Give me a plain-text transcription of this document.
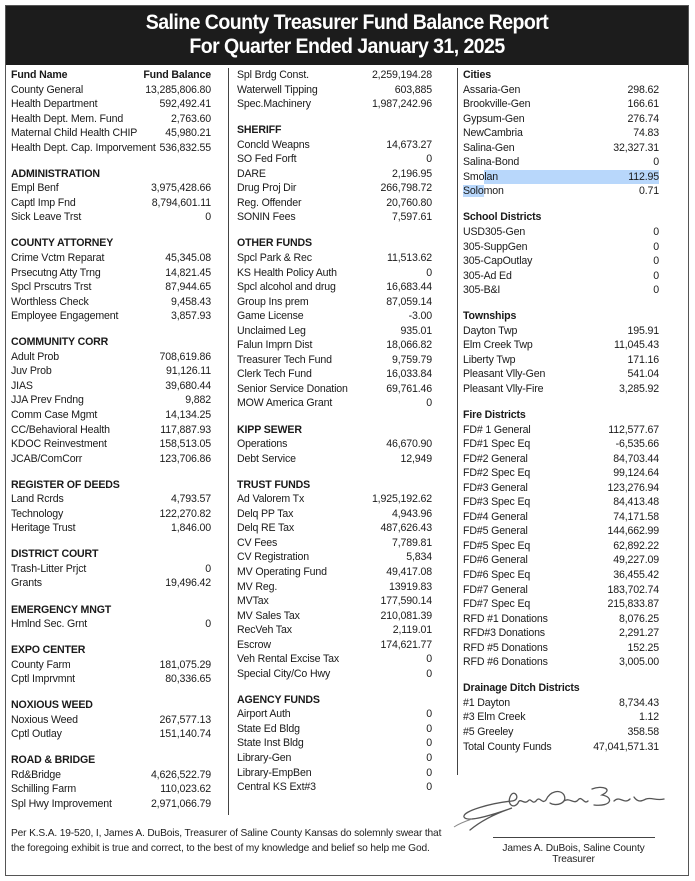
Saline County Treasurer Fund Balance Report
For Quarter Ended January 31, 2025
Fund Name	Fund Balance
County General	13,285,806.80
Health Department	592,492.41
Health Dept. Mem. Fund	2,763.60
Maternal Child Health CHIP	45,980.21
Health Dept. Cap. Imporvement 536,832.55
ADMINISTRATION
Empl Benf	3,975,428.66
Captl Imp Fnd	8,794,601.11
Sick Leave Trst	0
COUNTY ATTORNEY
Crime Vctm Reparat	45,345.08
Prsecutng Atty Trng	14,821.45
Spcl Prscutrs Trst	87,944.65
Worthless Check	9,458.43
Employee Engagement	3,857.93
COMMUNITY CORR
Adult Prob	708,619.86
Juv Prob	91,126.11
JIAS	39,680.44
JJA Prev Fndng	9,882
Comm Case Mgmt	14,134.25
CC/Behavioral Health	117,887.93
KDOC Reinvestment	158,513.05
JCAB/ComCorr	123,706.86
REGISTER OF DEEDS
Land Rcrds	4,793.57
Technology	122,270.82
Heritage Trust	1,846.00
DISTRICT COURT
Trash-Litter Prjct	0
Grants	19,496.42
EMERGENCY MNGT
Hmlnd Sec. Grnt	0
EXPO CENTER
County Farm	181,075.29
Cptl Imprvmnt	80,336.65
NOXIOUS WEED
Noxious Weed	267,577.13
Cptl Outlay	151,140.74
ROAD & BRIDGE
Rd&Bridge	4,626,522.79
Schilling Farm	110,023.62
Spl Hwy Improvement	2,971,066.79
Spl Brdg Const.	2,259,194.28
Waterwell Tipping	603,885
Spec.Machinery	1,987,242.96
SHERIFF
Concld Weapns	14,673.27
SO Fed Forft	0
DARE	2,196.95
Drug Proj Dir	266,798.72
Reg. Offender	20,760.80
SONIN Fees	7,597.61
OTHER FUNDS
Spcl Park & Rec	11,513.62
KS Health Policy Auth	0
Spcl alcohol and drug	16,683.44
Group Ins prem	87,059.14
Game License	-3.00
Unclaimed Leg	935.01
Falun Imprn Dist	18,066.82
Treasurer Tech Fund	9,759.79
Clerk Tech Fund	16,033.84
Senior Service Donation	69,761.46
MOW America Grant	0
KIPP SEWER
Operations	46,670.90
Debt Service	12,949
TRUST FUNDS
Ad Valorem Tx	1,925,192.62
Delq PP Tax	4,943.96
Delq RE Tax	487,626.43
CV Fees	7,789.81
CV Registration	5,834
MV Operating Fund	49,417.08
MV Reg.	13919.83
MVTax	177,590.14
MV Sales Tax	210,081.39
RecVeh Tax	2,119.01
Escrow	174,621.77
Veh Rental Excise Tax	0
Special City/Co Hwy	0
AGENCY FUNDS
Airport Auth	0
State Ed Bldg	0
State Inst Bldg	0
Library-Gen	0
Library-EmpBen	0
Central KS Ext#3	0
Cities
Assaria-Gen	298.62
Brookville-Gen	166.61
Gypsum-Gen	276.74
NewCambria	74.83
Salina-Gen	32,327.31
Salina-Bond	0
Smo lan	112.95
Solomon	0.71
School Districts
USD305-Gen	0
305-SuppGen	0
305-CapOutlay	0
305-Ad Ed	0
305-B&I	0
Townships
Dayton Twp	195.91
Elm Creek Twp	11,045.43
Liberty Twp	171.16
Pleasant Vlly-Gen	541.04
Pleasant Vlly-Fire	3,285.92
Fire Districts
FD# 1 General	112,577.67
FD#1 Spec Eq	-6,535.66
FD#2 General	84,703.44
FD#2 Spec Eq	99,124.64
FD#3 General	123,276.94
FD#3 Spec Eq	84,413.48
FD#4 General	74,171.58
FD#5 General	144,662.99
FD#5 Spec Eq	62,892.22
FD#6 General	49,227.09
FD#6 Spec Eq	36,455.42
FD#7 General	183,702.74
FD#7 Spec Eq	215,833.87
RFD #1 Donations	8,076.25
RFD#3 Donations	2,291.27
RFD #5 Donations	152.25
RFD #6 Donations	3,005.00
Drainage Ditch Districts
#1 Dayton	8,734.43
#3 Elm Creek	1.12
#5 Greeley	358.58
Total County Funds	47,041,571.31
Per K.S.A. 19-520, I, James A. DuBois, Treasurer of Saline County Kansas do solemnly swear that
the foregoing exhibit is true and correct, to the best of my knowledge and belief so help me God.	James A. DuBois, Saline County Treasurer
